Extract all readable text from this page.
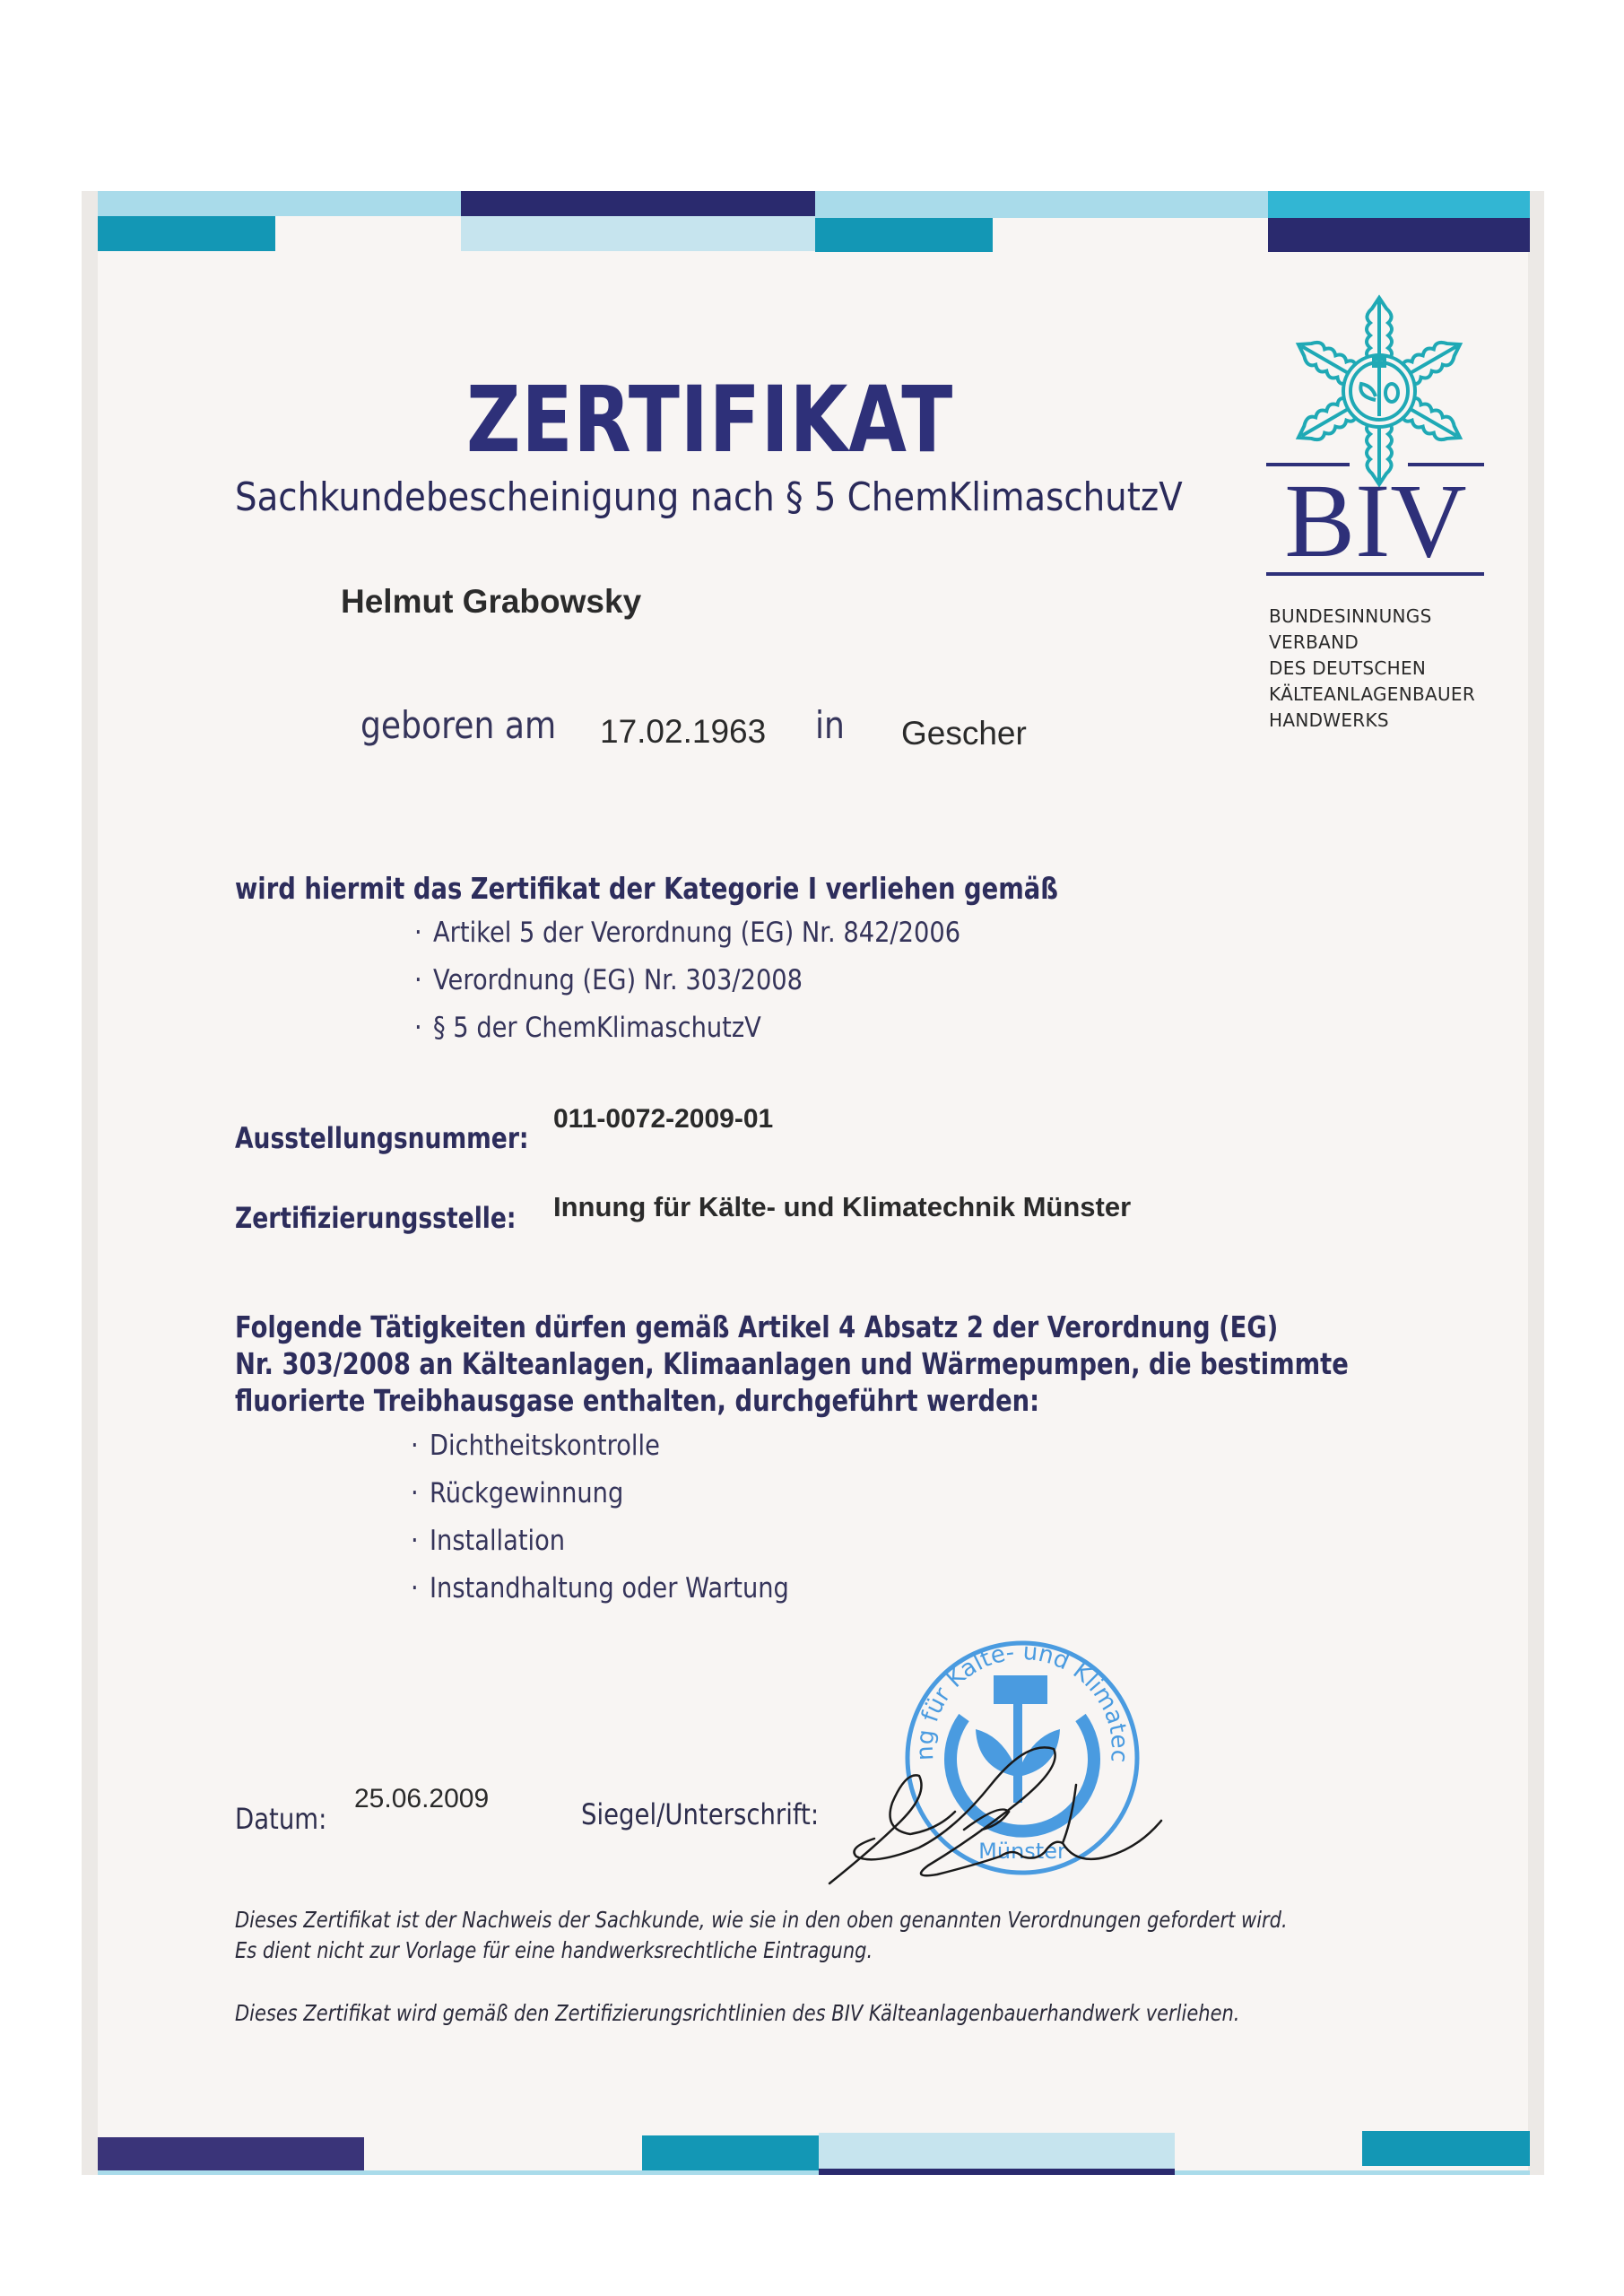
ZERTIFIKAT
Sachkundebescheinigung nach § 5 ChemKlimaschutzV BIV
BUNDESINNUNGS
VERBAND
DES DEUTSCHEN
KÄLTEANLAGENBAUER
HANDWERKS
Helmut Grabowsky
geboren am 17.02.1963 in Gescher
wird hiermit das Zertifikat der Kategorie I verliehen gemäß
· Artikel 5 der Verordnung (EG) Nr. 842/2006
· Verordnung (EG) Nr. 303/2008
· § 5 der ChemKlimaschutzV
011-0072-2009-01
Ausstellungsnummer:
Innung für Kälte- und Klimatechnik Münster
Zertifizierungsstelle:
Folgende Tätigkeiten dürfen gemäß Artikel 4 Absatz 2 der Verordnung (EG)
Nr. 303/2008 an Kälteanlagen, Klimaanlagen und Wärmepumpen, die bestimmte
fluorierte Treibhausgase enthalten, durchgeführt werden:
· Dichtheitskontrolle
· Rückgewinnung
· Installation
· Instandhaltung oder Wartung
ng für Kälte- und Klimatec
Münster
Datum:
25.06.2009	Siegel/Unterschrift:
Dieses Zertifikat ist der Nachweis der Sachkunde, wie sie in den oben genannten Verordnungen gefordert wird.
Es dient nicht zur Vorlage für eine handwerksrechtliche Eintragung.
Dieses Zertifikat wird gemäß den Zertifizierungsrichtlinien des BIV Kälteanlagenbauerhandwerk verliehen.
